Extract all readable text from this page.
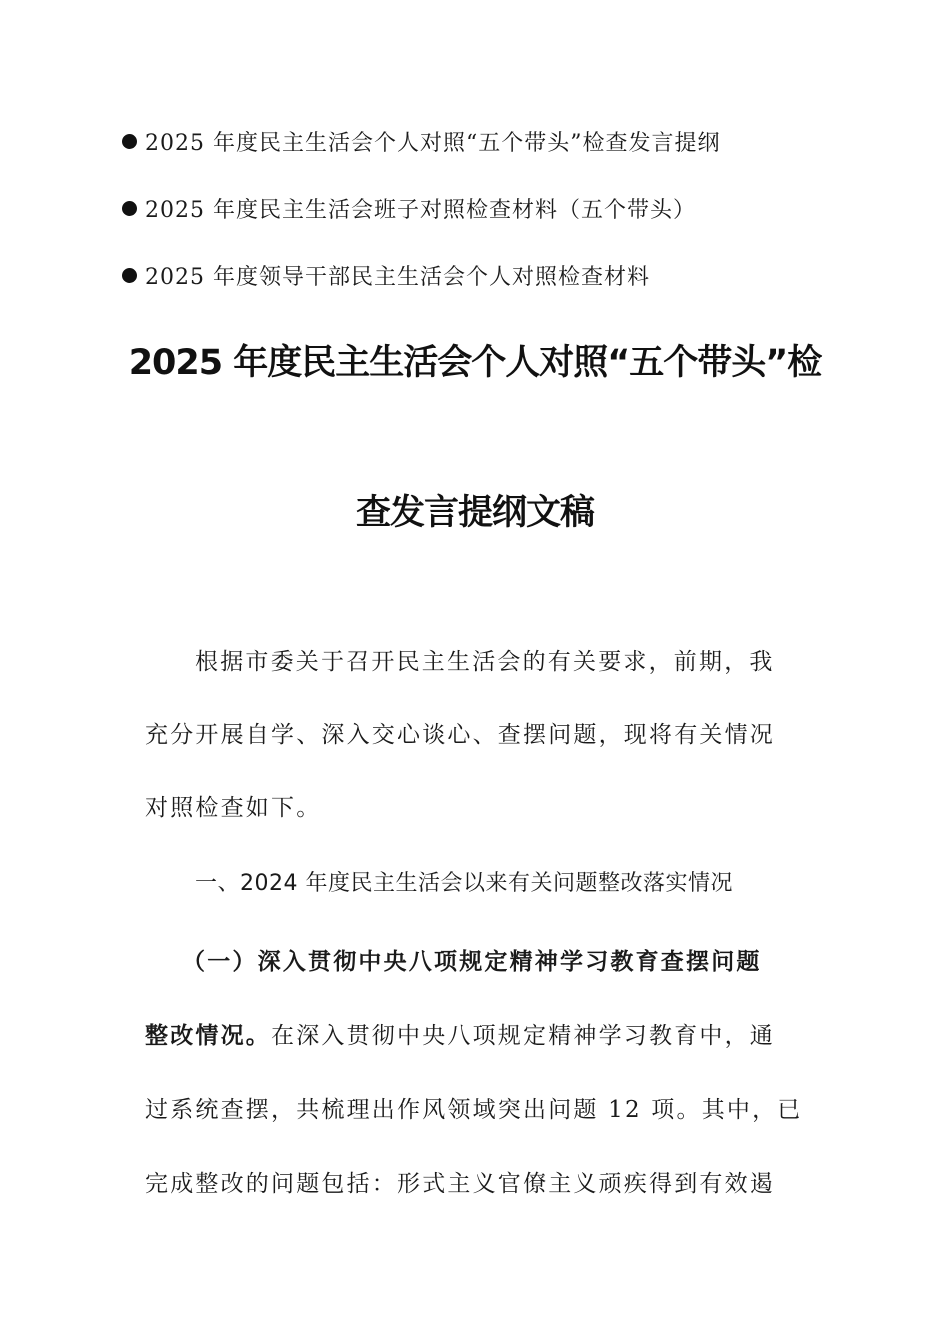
2025 年度民主生活会个人对照“五个带头”检查发言提纲
2025 年度民主生活会班子对照检查材料（五个带头）
2025 年度领导干部民主生活会个人对照检查材料
2025 年度民主生活会个人对照“五个带头”检
查发言提纲文稿
根据市委关于召开民主生活会的有关要求，前期，我
充分开展自学、深入交心谈心、查摆问题，现将有关情况
对照检查如下。
一、2024 年度民主生活会以来有关问题整改落实情况
（一）深入贯彻中央八项规定精神学习教育查摆问题
整改情况。在深入贯彻中央八项规定精神学习教育中，通
过系统查摆，共梳理出作风领域突出问题 12 项。其中，已
完成整改的问题包括：形式主义官僚主义顽疾得到有效遏
